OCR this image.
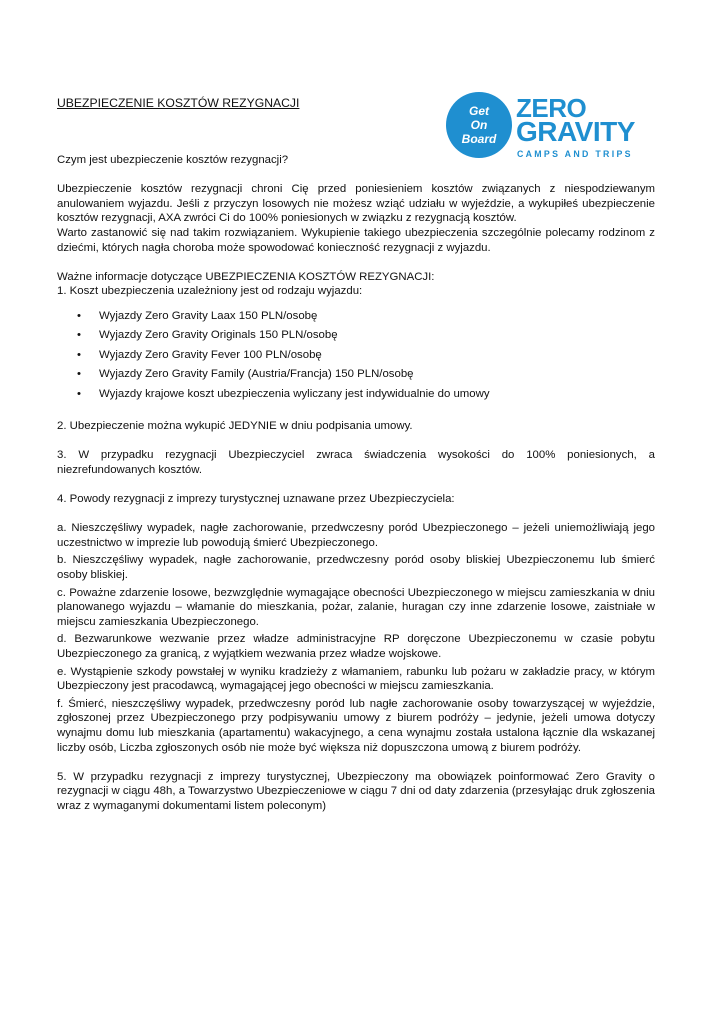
UBEZPIECZENIE KOSZTÓW REZYGNACJI
Get
On
Board
ZERO
GRAVITY
CAMPS AND TRIPS

Czym jest ubezpieczenie kosztów rezygnacji?

Ubezpieczenie kosztów rezygnacji chroni Cię przed poniesieniem kosztów związanych z niespodziewanym anulowaniem wyjazdu. Jeśli z przyczyn losowych nie możesz wziąć udziału w wyjeździe, a wykupiłeś ubezpieczenie kosztów rezygnacji, AXA zwróci Ci do 100% poniesionych w związku z rezygnacją kosztów.

Warto zastanowić się nad takim rozwiązaniem. Wykupienie takiego ubezpieczenia szczególnie polecamy rodzinom z dziećmi, których nagła choroba może spowodować konieczność rezygnacji z wyjazdu.

Ważne informacje dotyczące UBEZPIECZENIA KOSZTÓW REZYGNACJI:

1. Koszt ubezpieczenia uzależniony jest od rodzaju wyjazdu:

• Wyjazdy Zero Gravity Laax 150 PLN/osobę
• Wyjazdy Zero Gravity Originals 150 PLN/osobę
• Wyjazdy Zero Gravity Fever 100 PLN/osobę
• Wyjazdy Zero Gravity Family (Austria/Francja) 150 PLN/osobę
• Wyjazdy krajowe koszt ubezpieczenia wyliczany jest indywidualnie do umowy

2. Ubezpieczenie można wykupić JEDYNIE w dniu podpisania umowy.

3. W przypadku rezygnacji Ubezpieczyciel zwraca świadczenia wysokości do 100% poniesionych, a niezrefundowanych kosztów.

4. Powody rezygnacji z imprezy turystycznej uznawane przez Ubezpieczyciela:

a. Nieszczęśliwy wypadek, nagłe zachorowanie, przedwczesny poród Ubezpieczonego – jeżeli uniemożliwiają jego uczestnictwo w imprezie lub powodują śmierć Ubezpieczonego.

b. Nieszczęśliwy wypadek, nagłe zachorowanie, przedwczesny poród osoby bliskiej Ubezpieczonemu lub śmierć osoby bliskiej.

c. Poważne zdarzenie losowe, bezwzględnie wymagające obecności Ubezpieczonego w miejscu zamieszkania w dniu planowanego wyjazdu – włamanie do mieszkania, pożar, zalanie, huragan czy inne zdarzenie losowe, zaistniałe w miejscu zamieszkania Ubezpieczonego.

d. Bezwarunkowe wezwanie przez władze administracyjne RP doręczone Ubezpieczonemu w czasie pobytu Ubezpieczonego za granicą, z wyjątkiem wezwania przez władze wojskowe.

e. Wystąpienie szkody powstałej w wyniku kradzieży z włamaniem, rabunku lub pożaru w zakładzie pracy, w którym Ubezpieczony jest pracodawcą, wymagającej jego obecności w miejscu zamieszkania.

f. Śmierć, nieszczęśliwy wypadek, przedwczesny poród lub nagłe zachorowanie osoby towarzyszącej w wyjeździe, zgłoszonej przez Ubezpieczonego przy podpisywaniu umowy z biurem podróży – jedynie, jeżeli umowa dotyczy wynajmu domu lub mieszkania (apartamentu) wakacyjnego, a cena wynajmu została ustalona łącznie dla wskazanej liczby osób, Liczba zgłoszonych osób nie może być większa niż dopuszczona umową z biurem podróży.

5. W przypadku rezygnacji z imprezy turystycznej, Ubezpieczony ma obowiązek poinformować Zero Gravity o rezygnacji w ciągu 48h, a Towarzystwo Ubezpieczeniowe w ciągu 7 dni od daty zdarzenia (przesyłając druk zgłoszenia wraz z wymaganymi dokumentami listem poleconym)
